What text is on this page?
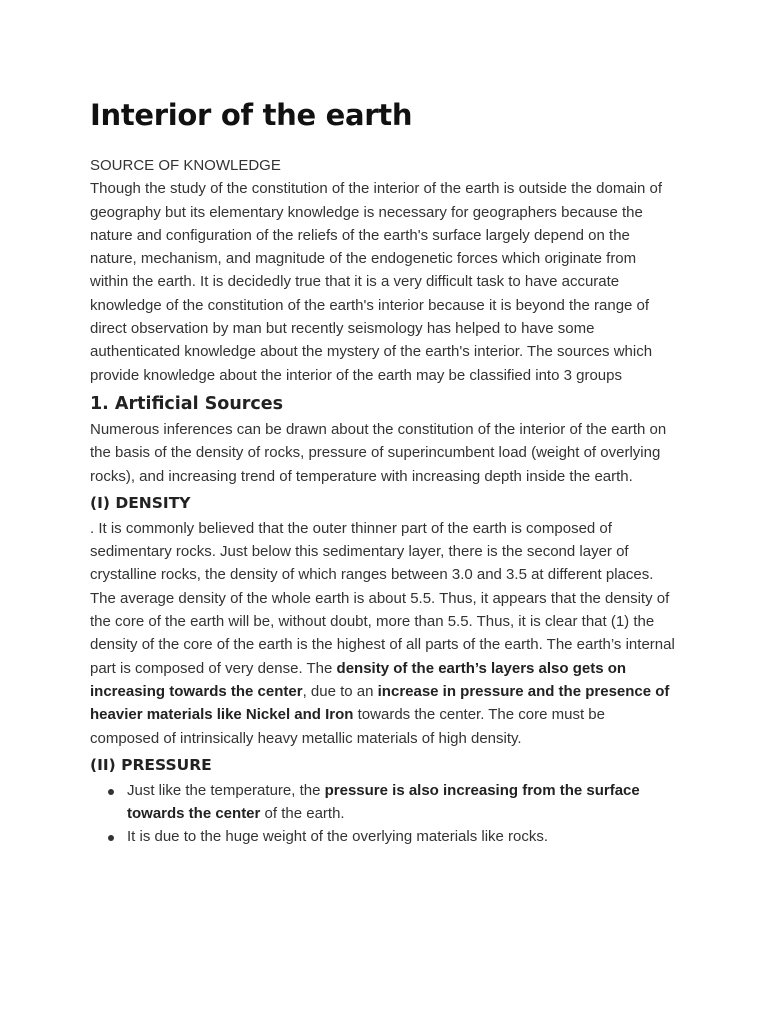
Interior of the earth
SOURCE OF KNOWLEDGE

Though the study of the constitution of the interior of the earth is outside the domain of geography but its elementary knowledge is necessary for geographers because the nature and configuration of the reliefs of the earth's surface largely depend on the nature, mechanism, and magnitude of the endogenetic forces which originate from within the earth. It is decidedly true that it is a very difficult task to have accurate knowledge of the constitution of the earth's interior because it is beyond the range of direct observation by man but recently seismology has helped to have some authenticated knowledge about the mystery of the earth's interior. The sources which provide knowledge about the interior of the earth may be classified into 3 groups

1. Artificial Sources

Numerous inferences can be drawn about the constitution of the interior of the earth on the basis of the density of rocks, pressure of superincumbent load (weight of overlying rocks), and increasing trend of temperature with increasing depth inside the earth.

(I) DENSITY

. It is commonly believed that the outer thinner part of the earth is composed of sedimentary rocks. Just below this sedimentary layer, there is the second layer of crystalline rocks, the density of which ranges between 3.0 and 3.5 at different places. The average density of the whole earth is about 5.5. Thus, it appears that the density of the core of the earth will be, without doubt, more than 5.5. Thus, it is clear that (1) the density of the core of the earth is the highest of all parts of the earth. The earth’s internal part is composed of very dense. The density of the earth’s layers also gets on increasing towards the center, due to an increase in pressure and the presence of heavier materials like Nickel and Iron towards the center. The core must be composed of intrinsically heavy metallic materials of high density.

(II) PRESSURE
Just like the temperature, the pressure is also increasing from the surface towards the center of the earth.
It is due to the huge weight of the overlying materials like rocks.
